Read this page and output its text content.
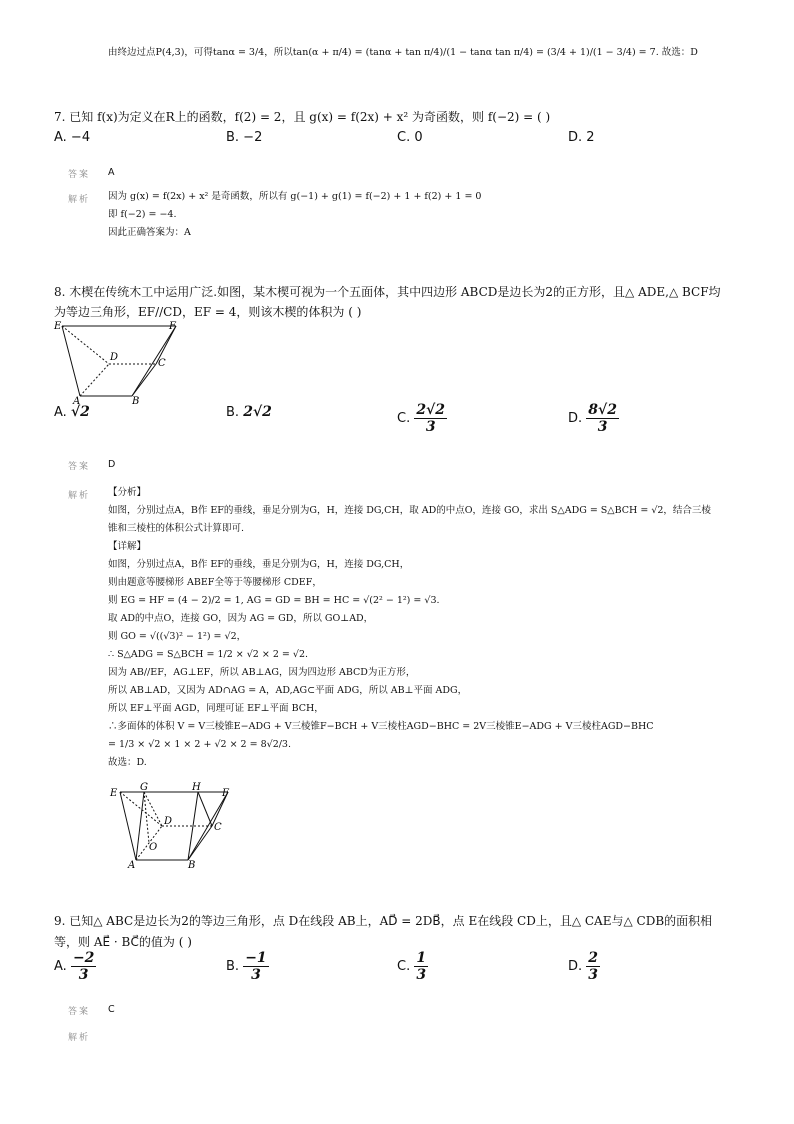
由终边过点P(4,3)，可得tanα = 3/4，所以tan(α + π/4) = (tanα + tan π/4)/(1 − tanα tan π/4) = (3/4 + 1)/(1 − 3/4) = 7. 故选：D
7. 已知 f(x)为定义在R上的函数，f(2) = 2，且 g(x) = f(2x) + x² 为奇函数，则 f(−2) = ( )
A. −4	B. −2	C. 0	D. 2
答案 A
解析 因为 g(x) = f(2x) + x² 是奇函数，所以有 g(−1) + g(1) = f(−2) + 1 + f(2) + 1 = 0
即 f(−2) = −4.
因此正确答案为：A
8. 木楔在传统木工中运用广泛.如图，某木楔可视为一个五面体，其中四边形 ABCD是边长为2的正方形，且△ ADE,△ BCF均
为等边三角形，EF//CD，EF = 4，则该木楔的体积为 ( )
E	F
D
C
A	B
A. √2	B. 2√2	C. $\frac{2√2}{3}$	D. $\frac{8√2}{3}$
答案 D
解析 【分析】
如图，分别过点A，B作 EF的垂线，垂足分别为G，H，连接 DG,CH，取 AD的中点O，连接 GO，求出 S△ADG = S△BCH = √2，结合三棱
锥和三棱柱的体积公式计算即可.
【详解】
如图，分别过点A，B作 EF的垂线，垂足分别为G，H，连接 DG,CH，
则由题意等腰梯形 ABEF全等于等腰梯形 CDEF，
则 EG = HF = (4 − 2)/2 = 1, AG = GD = BH = HC = √(2² − 1²) = √3.
取 AD的中点O，连接 GO，因为 AG = GD，所以 GO⊥AD，
则 GO = √((√3)² − 1²) = √2，
∴ S△ADG = S△BCH = 1/2 × √2 × 2 = √2.
因为 AB//EF，AG⊥EF，所以 AB⊥AG，因为四边形 ABCD为正方形，
所以 AB⊥AD，又因为 AD∩AG = A，AD,AG⊂平面 ADG，所以 AB⊥平面 ADG，
所以 EF⊥平面 AGD，同理可证 EF⊥平面 BCH，
∴多面体的体积 V = V三棱锥E−ADG + V三棱锥F−BCH + V三棱柱AGD−BHC = 2V三棱锥E−ADG + V三棱柱AGD−BHC
= 1/3 × √2 × 1 × 2 + √2 × 2 = 8√2/3.
故选：D.
E
G	H
F
D
C
O
A	B
9. 已知△ ABC是边长为2的等边三角形，点 D在线段 AB上，AD⃗ = 2DB⃗，点 E在线段 CD上，且△ CAE与△ CDB的面积相
等，则 AE⃗ · BC⃗的值为 ( )
A. $\frac{-2}{3}$	B. $\frac{-1}{3}$	C. $\frac{1}{3}$	D. $\frac{2}{3}$
答案 C
解析
